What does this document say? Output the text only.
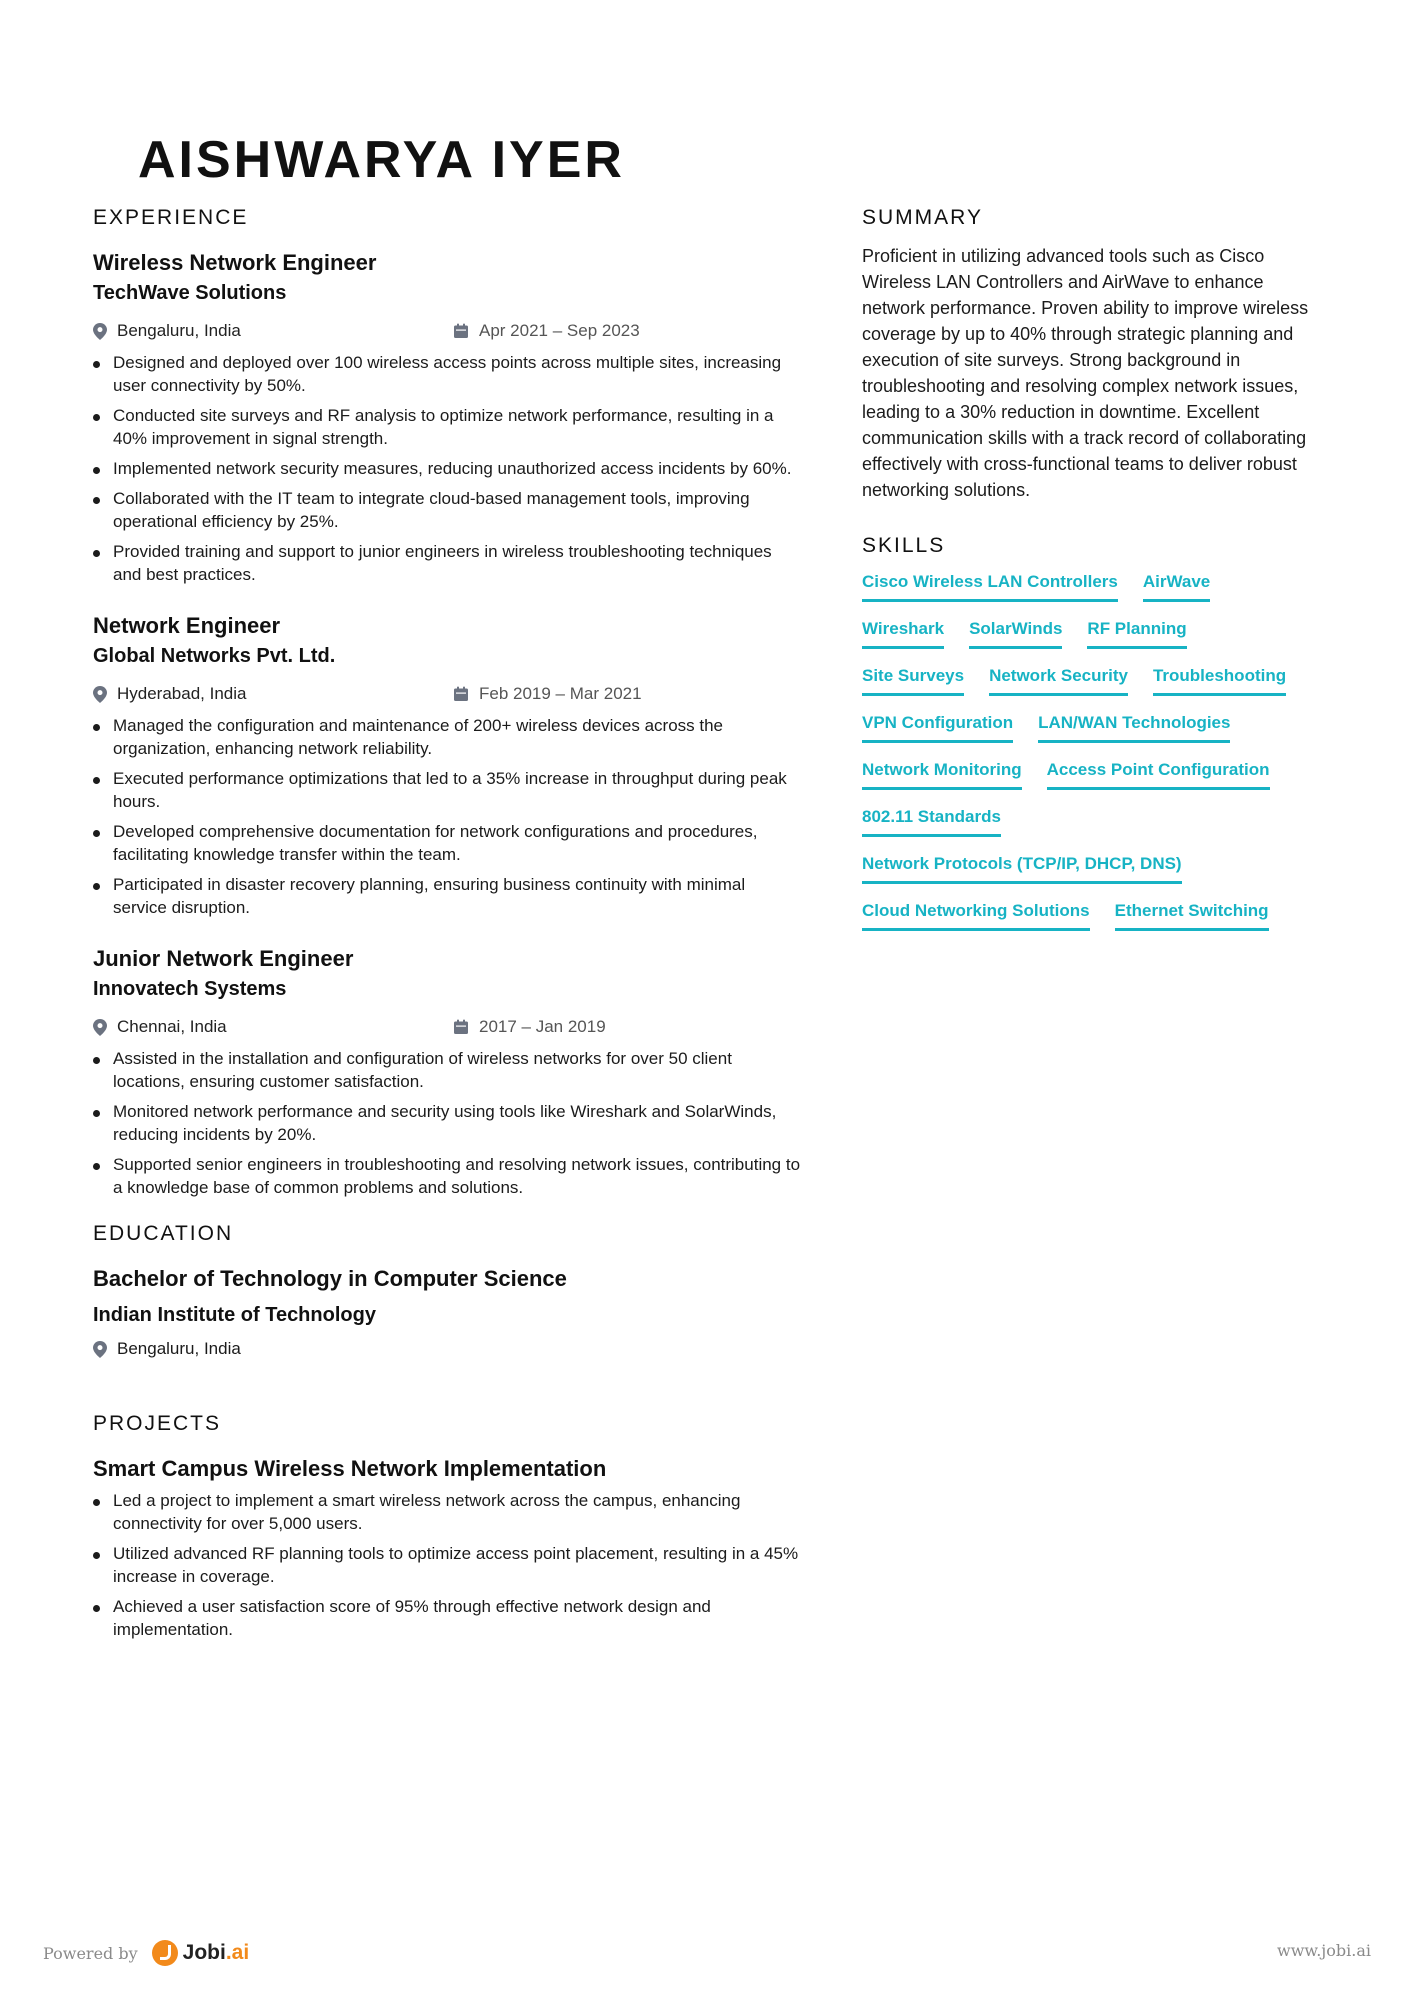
AISHWARYA IYER
EXPERIENCE
Wireless Network Engineer
TechWave Solutions
Bengaluru, India	Apr 2021 – Sep 2023
Designed and deployed over 100 wireless access points across multiple sites, increasing user connectivity by 50%.
Conducted site surveys and RF analysis to optimize network performance, resulting in a 40% improvement in signal strength.
Implemented network security measures, reducing unauthorized access incidents by 60%.
Collaborated with the IT team to integrate cloud-based management tools, improving operational efficiency by 25%.
Provided training and support to junior engineers in wireless troubleshooting techniques and best practices.
Network Engineer
Global Networks Pvt. Ltd.
Hyderabad, India	Feb 2019 – Mar 2021
Managed the configuration and maintenance of 200+ wireless devices across the organization, enhancing network reliability.
Executed performance optimizations that led to a 35% increase in throughput during peak hours.
Developed comprehensive documentation for network configurations and procedures, facilitating knowledge transfer within the team.
Participated in disaster recovery planning, ensuring business continuity with minimal service disruption.
Junior Network Engineer
Innovatech Systems
Chennai, India	2017 – Jan 2019
Assisted in the installation and configuration of wireless networks for over 50 client locations, ensuring customer satisfaction.
Monitored network performance and security using tools like Wireshark and SolarWinds, reducing incidents by 20%.
Supported senior engineers in troubleshooting and resolving network issues, contributing to a knowledge base of common problems and solutions.
EDUCATION
Bachelor of Technology in Computer Science
Indian Institute of Technology
Bengaluru, India
PROJECTS
Smart Campus Wireless Network Implementation
Led a project to implement a smart wireless network across the campus, enhancing connectivity for over 5,000 users.
Utilized advanced RF planning tools to optimize access point placement, resulting in a 45% increase in coverage.
Achieved a user satisfaction score of 95% through effective network design and implementation.
SUMMARY
Proficient in utilizing advanced tools such as Cisco Wireless LAN Controllers and AirWave to enhance network performance. Proven ability to improve wireless coverage by up to 40% through strategic planning and execution of site surveys. Strong background in troubleshooting and resolving complex network issues, leading to a 30% reduction in downtime. Excellent communication skills with a track record of collaborating effectively with cross-functional teams to deliver robust networking solutions.
SKILLS
Cisco Wireless LAN Controllers AirWave
Wireshark SolarWinds RF Planning
Site Surveys Network Security Troubleshooting
VPN Configuration LAN/WAN Technologies
Network Monitoring Access Point Configuration
802.11 Standards
Network Protocols (TCP/IP, DHCP, DNS)
Cloud Networking Solutions Ethernet Switching
Powered by Jobi .ai	www.jobi.ai
